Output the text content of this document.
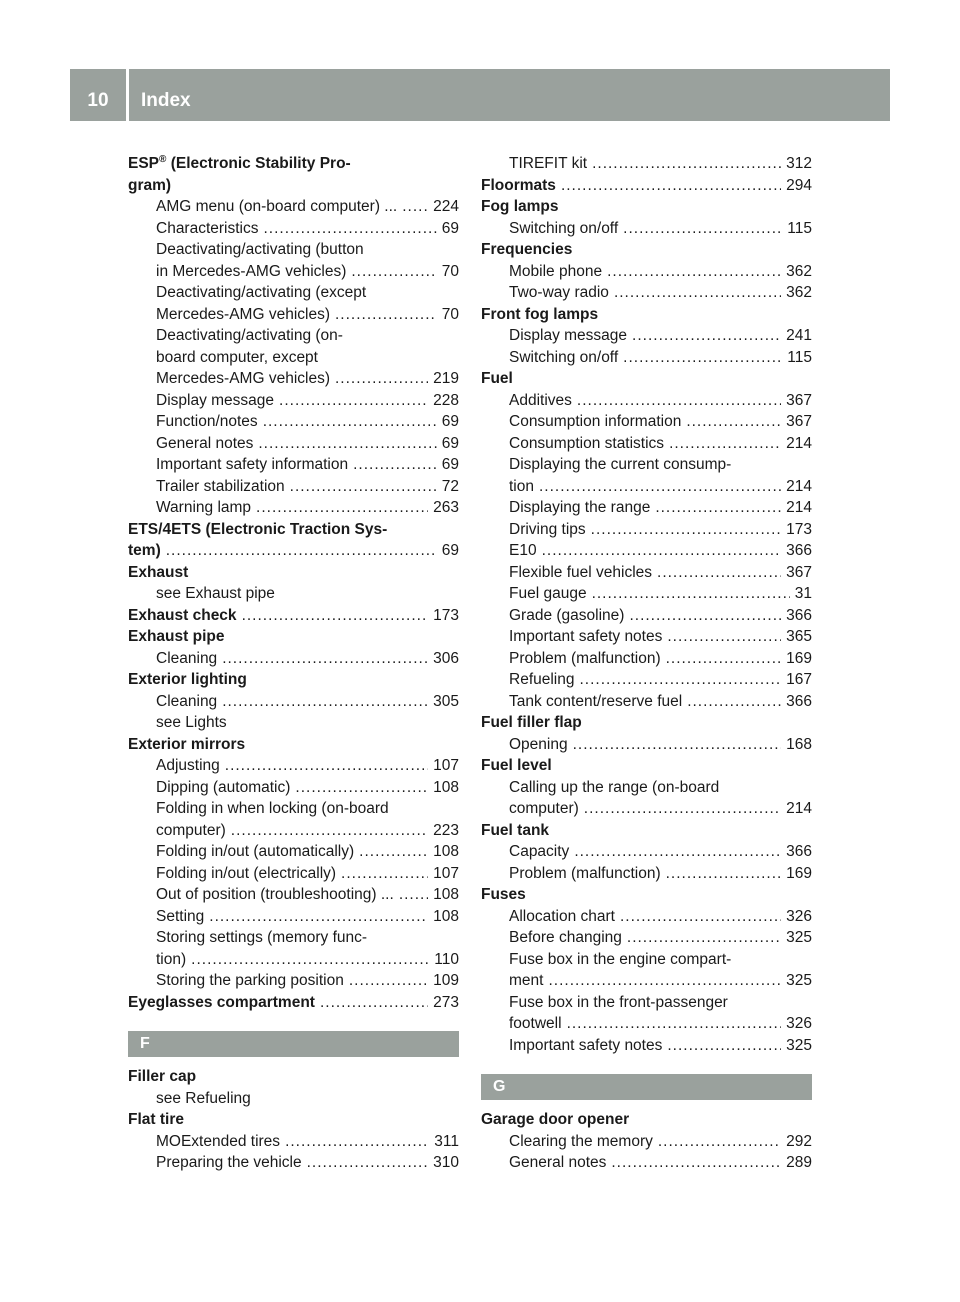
10	Index
ESP® (Electronic Stability Pro-
gram)
AMG menu (on-board computer) ... ..... 224
Characteristics .....	69
Deactivating/activating (button
in Mercedes-AMG vehicles) .....	70
Deactivating/activating (except
Mercedes-AMG vehicles) .....	70
Deactivating/activating (on-
board computer, except
Mercedes-AMG vehicles) .....	219
Display message .....	228
Function/notes .....	69
General notes .....	69
Important safety information .....	69
Trailer stabilization .....	72
Warning lamp .....	263
ETS/4ETS (Electronic Traction Sys-
tem) .....	69
Exhaust
see Exhaust pipe
Exhaust check .....	173
Exhaust pipe
Cleaning .....	306
Exterior lighting
Cleaning .....	305
see Lights
Exterior mirrors
Adjusting .....	107
Dipping (automatic) .....	108
Folding in when locking (on-board
computer) .....	223
Folding in/out (automatically) .....	108
Folding in/out (electrically) .....	107
Out of position (troubleshooting) ... .....	108
Setting .....	108
Storing settings (memory func-
tion) .....	110
Storing the parking position .....	109
Eyeglasses compartment .....	273
F
Filler cap
see Refueling
Flat tire
MOExtended tires .....	311
Preparing the vehicle .....	310
TIREFIT kit .....	312
Floormats .....	294
Fog lamps
Switching on/off .....	115
Frequencies
Mobile phone .....	362
Two-way radio .....	362
Front fog lamps
Display message .....	241
Switching on/off .....	115
Fuel
Additives .....	367
Consumption information .....	367
Consumption statistics .....	214
Displaying the current consump-
tion .....	214
Displaying the range .....	214
Driving tips .....	173
E10 .....	366
Flexible fuel vehicles .....	367
Fuel gauge .....	31
Grade (gasoline) .....	366
Important safety notes .....	365
Problem (malfunction) .....	169
Refueling .....	167
Tank content/reserve fuel .....	366
Fuel filler flap
Opening .....	168
Fuel level
Calling up the range (on-board
computer) .....	214
Fuel tank
Capacity .....	366
Problem (malfunction) .....	169
Fuses
Allocation chart .....	326
Before changing .....	325
Fuse box in the engine compart-
ment .....	325
Fuse box in the front-passenger
footwell .....	326
Important safety notes .....	325
G
Garage door opener
Clearing the memory .....	292
General notes .....	289
